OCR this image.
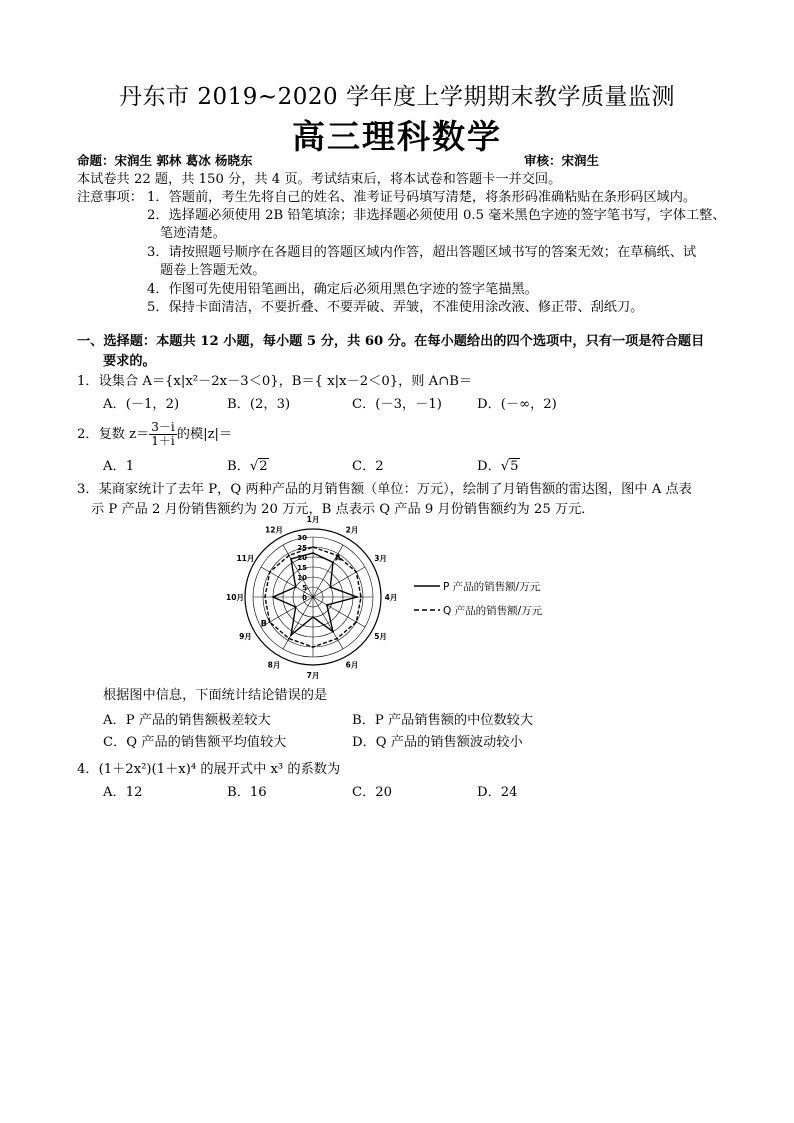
丹东市 2019~2020 学年度上学期期末教学质量监测
高三理科数学
命题：宋润生 郭林 葛冰 杨晓东	审核：宋润生
本试卷共 22 题，共 150 分，共 4 页。考试结束后，将本试卷和答题卡一并交回。
注意事项： 1．答题前，考生先将自己的姓名、准考证号码填写清楚，将条形码准确粘贴在条形码区域内。
2．选择题必须使用 2B 铅笔填涂；非选择题必须使用 0.5 毫米黑色字迹的签字笔书写，字体工整、
笔迹清楚。
3．请按照题号顺序在各题目的答题区域内作答，超出答题区域书写的答案无效；在草稿纸、试
题卷上答题无效。
4．作图可先使用铅笔画出，确定后必须用黑色字迹的签字笔描黑。
5．保持卡面清洁，不要折叠、不要弄破、弄皱，不准使用涂改液、修正带、刮纸刀。
一、选择题：本题共 12 小题，每小题 5 分，共 60 分。在每小题给出的四个选项中，只有一项是符合题目
要求的。
1．设集合 A＝{x|x²－2x－3＜0}，B＝{ x|x－2＜0}，则 A∩B＝
A．(－1，2)	B．(2，3)	C．(－3，－1)	D．(－∞，2)
2．复数 $z= \frac{3-i}{1+i}$ 的模|z|＝
A．1	B．√2	C．2	D．√5
3．某商家统计了去年 P，Q 两种产品的月销售额（单位：万元），绘制了月销售额的雷达图，图中 A 点表
示 P 产品 2 月份销售额约为 20 万元，B 点表示 Q 产品 9 月份销售额约为 25 万元．
0
5
10
15
20
25
30
1月
2月
3月
4月
5月
6月
7月
8月
9月
10月
11月
12月
A
B
P 产品的销售额/万元
Q 产品的销售额/万元
根据图中信息，下面统计结论错误的是
A．P 产品的销售额极差较大	B．P 产品销售额的中位数较大
C．Q 产品的销售额平均值较大	D．Q 产品的销售额波动较小
4．(1＋2x²)(1＋x)⁴ 的展开式中 x³ 的系数为
A．12	B．16	C．20	D．24
